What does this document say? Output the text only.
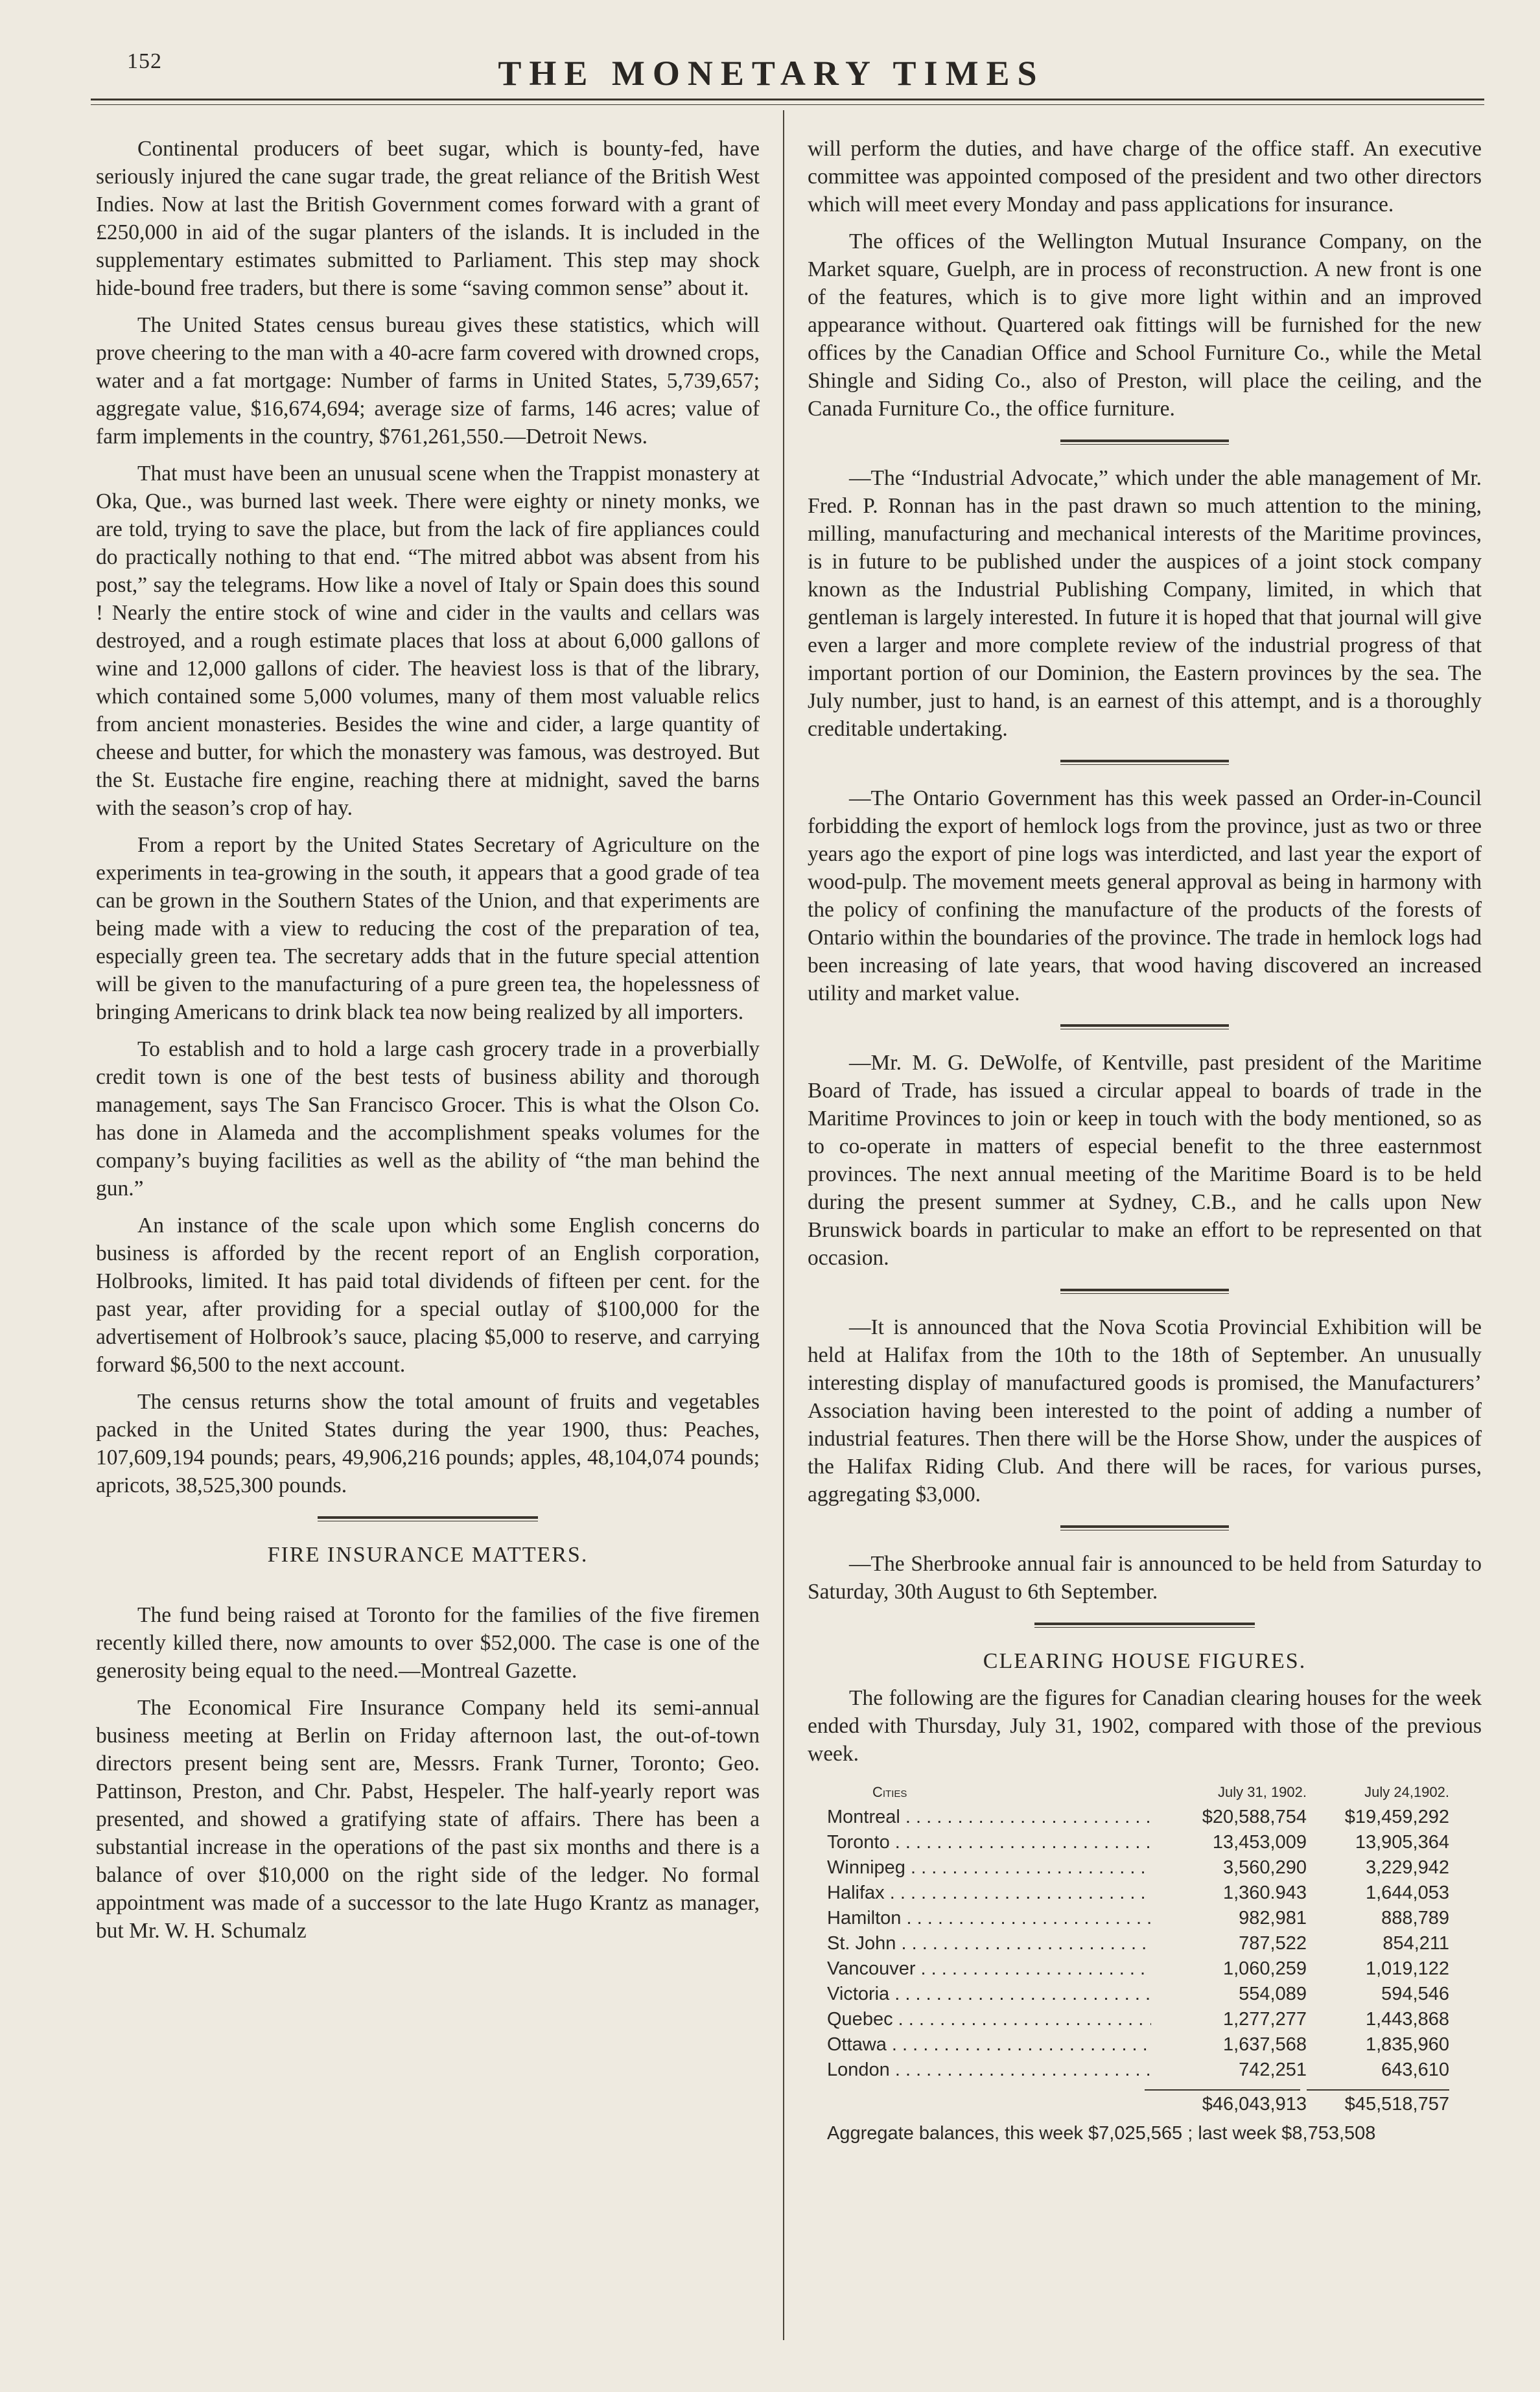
152	THE MONETARY TIMES

Continental producers of beet sugar, which is bounty-fed, have seriously injured the cane sugar trade, the great reliance of the British West Indies. Now at last the British Government comes forward with a grant of £250,000 in aid of the sugar planters of the islands. It is included in the supplementary estimates submitted to Parliament. This step may shock hide-bound free traders, but there is some “saving common sense” about it.

The United States census bureau gives these statistics, which will prove cheering to the man with a 40-acre farm covered with drowned crops, water and a fat mortgage: Number of farms in United States, 5,739,657; aggregate value, $16,674,694; average size of farms, 146 acres; value of farm implements in the country, $761,261,550.—Detroit News.

That must have been an unusual scene when the Trappist monastery at Oka, Que., was burned last week. There were eighty or ninety monks, we are told, trying to save the place, but from the lack of fire appliances could do practically nothing to that end. “The mitred abbot was absent from his post,” say the telegrams. How like a novel of Italy or Spain does this sound ! Nearly the entire stock of wine and cider in the vaults and cellars was destroyed, and a rough estimate places that loss at about 6,000 gallons of wine and 12,000 gallons of cider. The heaviest loss is that of the library, which contained some 5,000 volumes, many of them most valuable relics from ancient monasteries. Besides the wine and cider, a large quantity of cheese and butter, for which the monastery was famous, was destroyed. But the St. Eustache fire engine, reaching there at midnight, saved the barns with the season’s crop of hay.

From a report by the United States Secretary of Agriculture on the experiments in tea-growing in the south, it appears that a good grade of tea can be grown in the Southern States of the Union, and that experiments are being made with a view to reducing the cost of the preparation of tea, especially green tea. The secretary adds that in the future special attention will be given to the manufacturing of a pure green tea, the hopelessness of bringing Americans to drink black tea now being realized by all importers.

To establish and to hold a large cash grocery trade in a proverbially credit town is one of the best tests of business ability and thorough management, says The San Francisco Grocer. This is what the Olson Co. has done in Alameda and the accomplishment speaks volumes for the company’s buying facilities as well as the ability of “the man behind the gun.”

An instance of the scale upon which some English concerns do business is afforded by the recent report of an English corporation, Holbrooks, limited. It has paid total dividends of fifteen per cent. for the past year, after providing for a special outlay of $100,000 for the advertisement of Holbrook’s sauce, placing $5,000 to reserve, and carrying forward $6,500 to the next account.

The census returns show the total amount of fruits and vegetables packed in the United States during the year 1900, thus: Peaches, 107,609,194 pounds; pears, 49,906,216 pounds; apples, 48,104,074 pounds; apricots, 38,525,300 pounds.

FIRE INSURANCE MATTERS.

The fund being raised at Toronto for the families of the five firemen recently killed there, now amounts to over $52,000. The case is one of the generosity being equal to the need.—Montreal Gazette.

The Economical Fire Insurance Company held its semi-annual business meeting at Berlin on Friday afternoon last, the out-of-town directors present being sent are, Messrs. Frank Turner, Toronto; Geo. Pattinson, Preston, and Chr. Pabst, Hespeler. The half-yearly report was presented, and showed a gratifying state of affairs. There has been a substantial increase in the operations of the past six months and there is a balance of over $10,000 on the right side of the ledger. No formal appointment was made of a successor to the late Hugo Krantz as manager, but Mr. W. H. Schumalz

will perform the duties, and have charge of the office staff. An executive committee was appointed composed of the president and two other directors which will meet every Monday and pass applications for insurance.

The offices of the Wellington Mutual Insurance Company, on the Market square, Guelph, are in process of reconstruction. A new front is one of the features, which is to give more light within and an improved appearance without. Quartered oak fittings will be furnished for the new offices by the Canadian Office and School Furniture Co., while the Metal Shingle and Siding Co., also of Preston, will place the ceiling, and the Canada Furniture Co., the office furniture.

—The “Industrial Advocate,” which under the able management of Mr. Fred. P. Ronnan has in the past drawn so much attention to the mining, milling, manufacturing and mechanical interests of the Maritime provinces, is in future to be published under the auspices of a joint stock company known as the Industrial Publishing Company, limited, in which that gentleman is largely interested. In future it is hoped that that journal will give even a larger and more complete review of the industrial progress of that important portion of our Dominion, the Eastern provinces by the sea. The July number, just to hand, is an earnest of this attempt, and is a thoroughly creditable undertaking.

—The Ontario Government has this week passed an Order-in-Council forbidding the export of hemlock logs from the province, just as two or three years ago the export of pine logs was interdicted, and last year the export of wood-pulp. The movement meets general approval as being in harmony with the policy of confining the manufacture of the products of the forests of Ontario within the boundaries of the province. The trade in hemlock logs had been increasing of late years, that wood having discovered an increased utility and market value.

—Mr. M. G. DeWolfe, of Kentville, past president of the Maritime Board of Trade, has issued a circular appeal to boards of trade in the Maritime Provinces to join or keep in touch with the body mentioned, so as to co-operate in matters of especial benefit to the three easternmost provinces. The next annual meeting of the Maritime Board is to be held during the present summer at Sydney, C.B., and he calls upon New Brunswick boards in particular to make an effort to be represented on that occasion.

—It is announced that the Nova Scotia Provincial Exhibition will be held at Halifax from the 10th to the 18th of September. An unusually interesting display of manufactured goods is promised, the Manufacturers’ Association having been interested to the point of adding a number of industrial features. Then there will be the Horse Show, under the auspices of the Halifax Riding Club. And there will be races, for various purses, aggregating $3,000.

—The Sherbrooke annual fair is announced to be held from Saturday to Saturday, 30th August to 6th September.

CLEARING HOUSE FIGURES.

The following are the figures for Canadian clearing houses for the week ended with Thursday, July 31, 1902, compared with those of the previous week.

Cities	July 31, 1902.	July 24,1902.
Montreal . . .	$20,588,754	$19,459,292
Toronto . . .	13,453,009	13,905,364
Winnipeg . . .	3,560,290	3,229,942
Halifax . . .	1,360.943	1,644,053
Hamilton . . .	982,981	888,789
St. John . . .	787,522	854,211
Vancouver . . .	1,060,259	1,019,122
Victoria . . .	554,089	594,546
Quebec . . .	1,277,277	1,443,868
Ottawa . . .	1,637,568	1,835,960
London . . .	742,251	643,610
$46,043,913	$45,518,757
Aggregate balances, this week $7,025,565 ; last week $8,753,508
